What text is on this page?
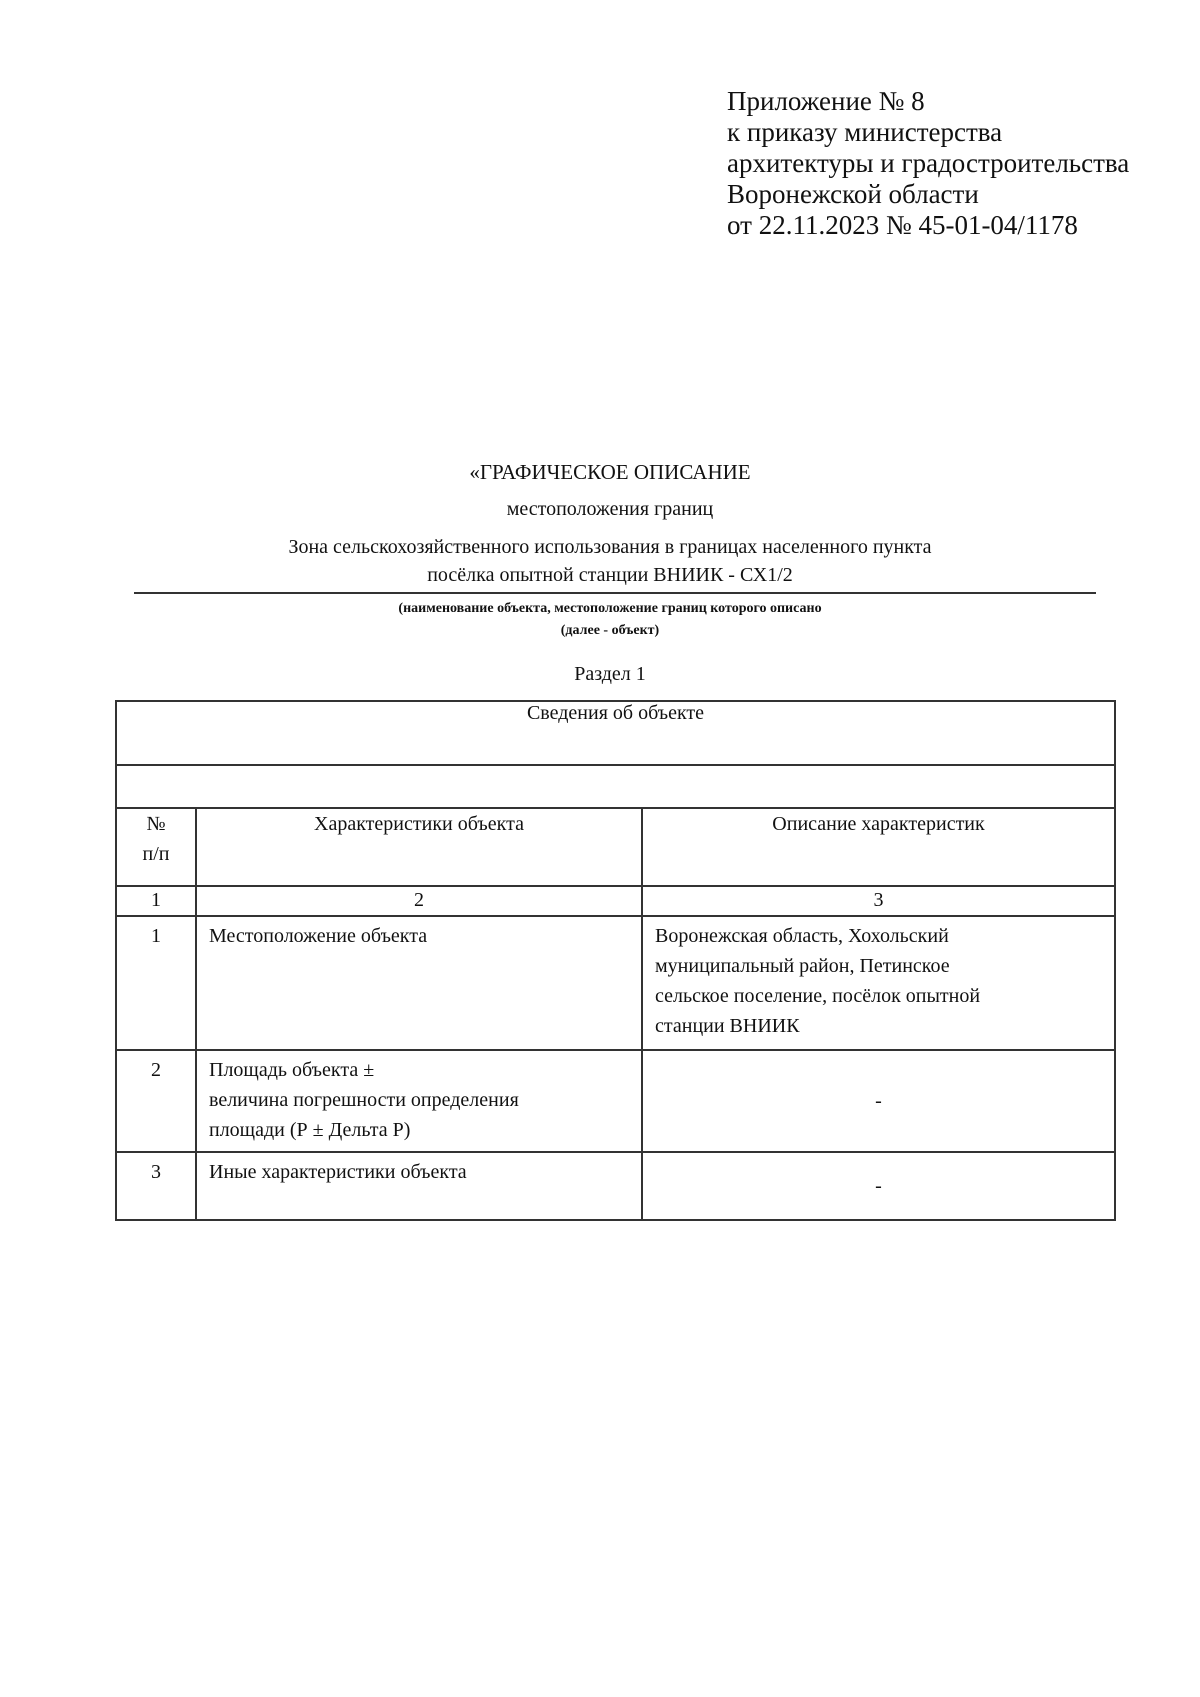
Приложение № 8
к приказу министерства
архитектуры и градостроительства
Воронежской области
от 22.11.2023 № 45-01-04/1178
«ГРАФИЧЕСКОЕ ОПИСАНИЕ
местоположения границ
Зона сельскохозяйственного использования в границах населенного пункта
посёлка опытной станции ВНИИК - СХ1/2
(наименование объекта, местоположение границ которого описано
(далее - объект)
Раздел 1
Сведения об объекте		

№
п/п	Характеристики объекта	Описание характеристик
1	2	3
1	Местоположение объекта	Воронежская область, Хохольский
муниципальный район, Петинское
сельское поселение, посёлок опытной
станции ВНИИК

2	Площадь объекта ±
величина погрешности определения
площади (Р ± Дельта Р)	-
3	Иные характеристики объекта	-
